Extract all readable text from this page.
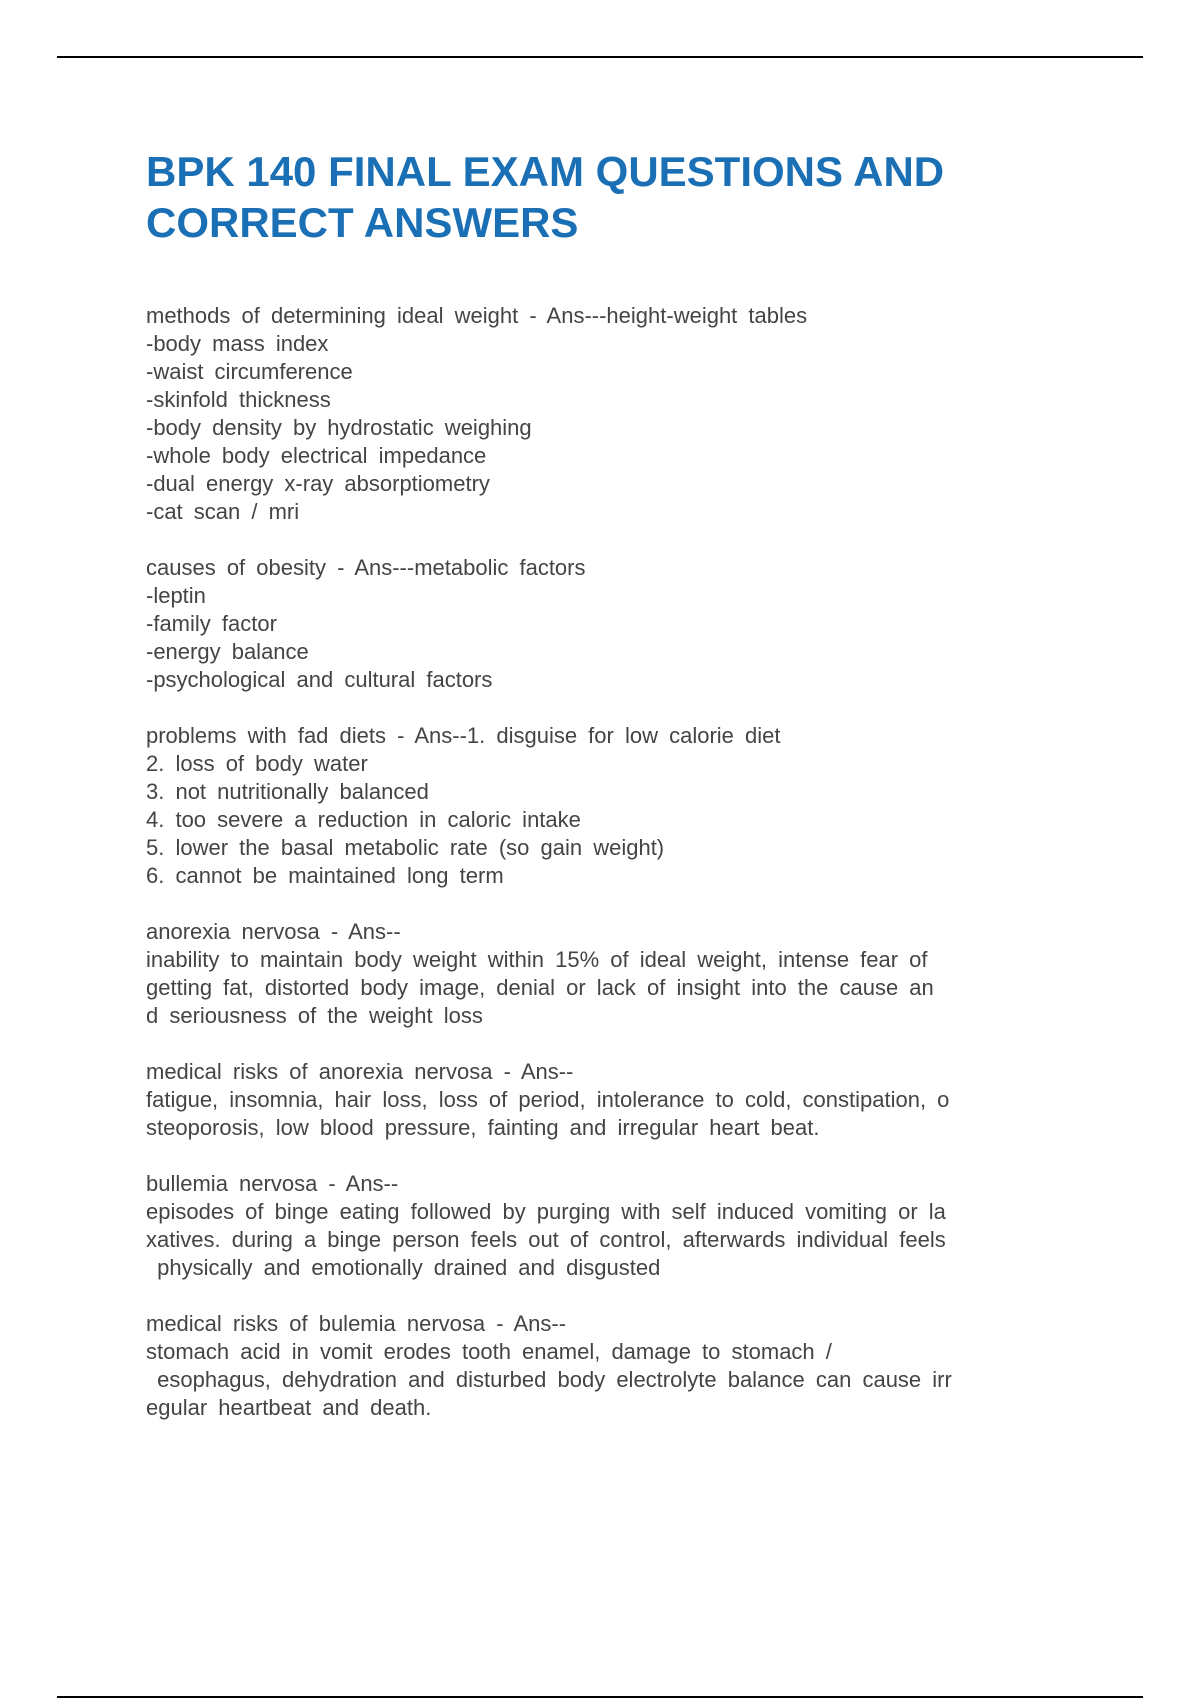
BPK 140 FINAL EXAM QUESTIONS AND
CORRECT ANSWERS
methods of determining ideal weight - Ans---height-weight tables
-body mass index
-waist circumference
-skinfold thickness
-body density by hydrostatic weighing
-whole body electrical impedance
-dual energy x-ray absorptiometry
-cat scan / mri
causes of obesity - Ans---metabolic factors
-leptin
-family factor
-energy balance
-psychological and cultural factors
problems with fad diets - Ans--1. disguise for low calorie diet
2. loss of body water
3. not nutritionally balanced
4. too severe a reduction in caloric intake
5. lower the basal metabolic rate (so gain weight)
6. cannot be maintained long term
anorexia nervosa - Ans--
inability to maintain body weight within 15% of ideal weight, intense fear of
getting fat, distorted body image, denial or lack of insight into the cause an
d seriousness of the weight loss
medical risks of anorexia nervosa - Ans--
fatigue, insomnia, hair loss, loss of period, intolerance to cold, constipation, o
steoporosis, low blood pressure, fainting and irregular heart beat.
bullemia nervosa - Ans--
episodes of binge eating followed by purging with self induced vomiting or la
xatives. during a binge person feels out of control, afterwards individual feels
physically and emotionally drained and disgusted
medical risks of bulemia nervosa - Ans--
stomach acid in vomit erodes tooth enamel, damage to stomach /
esophagus, dehydration and disturbed body electrolyte balance can cause irr
egular heartbeat and death.
